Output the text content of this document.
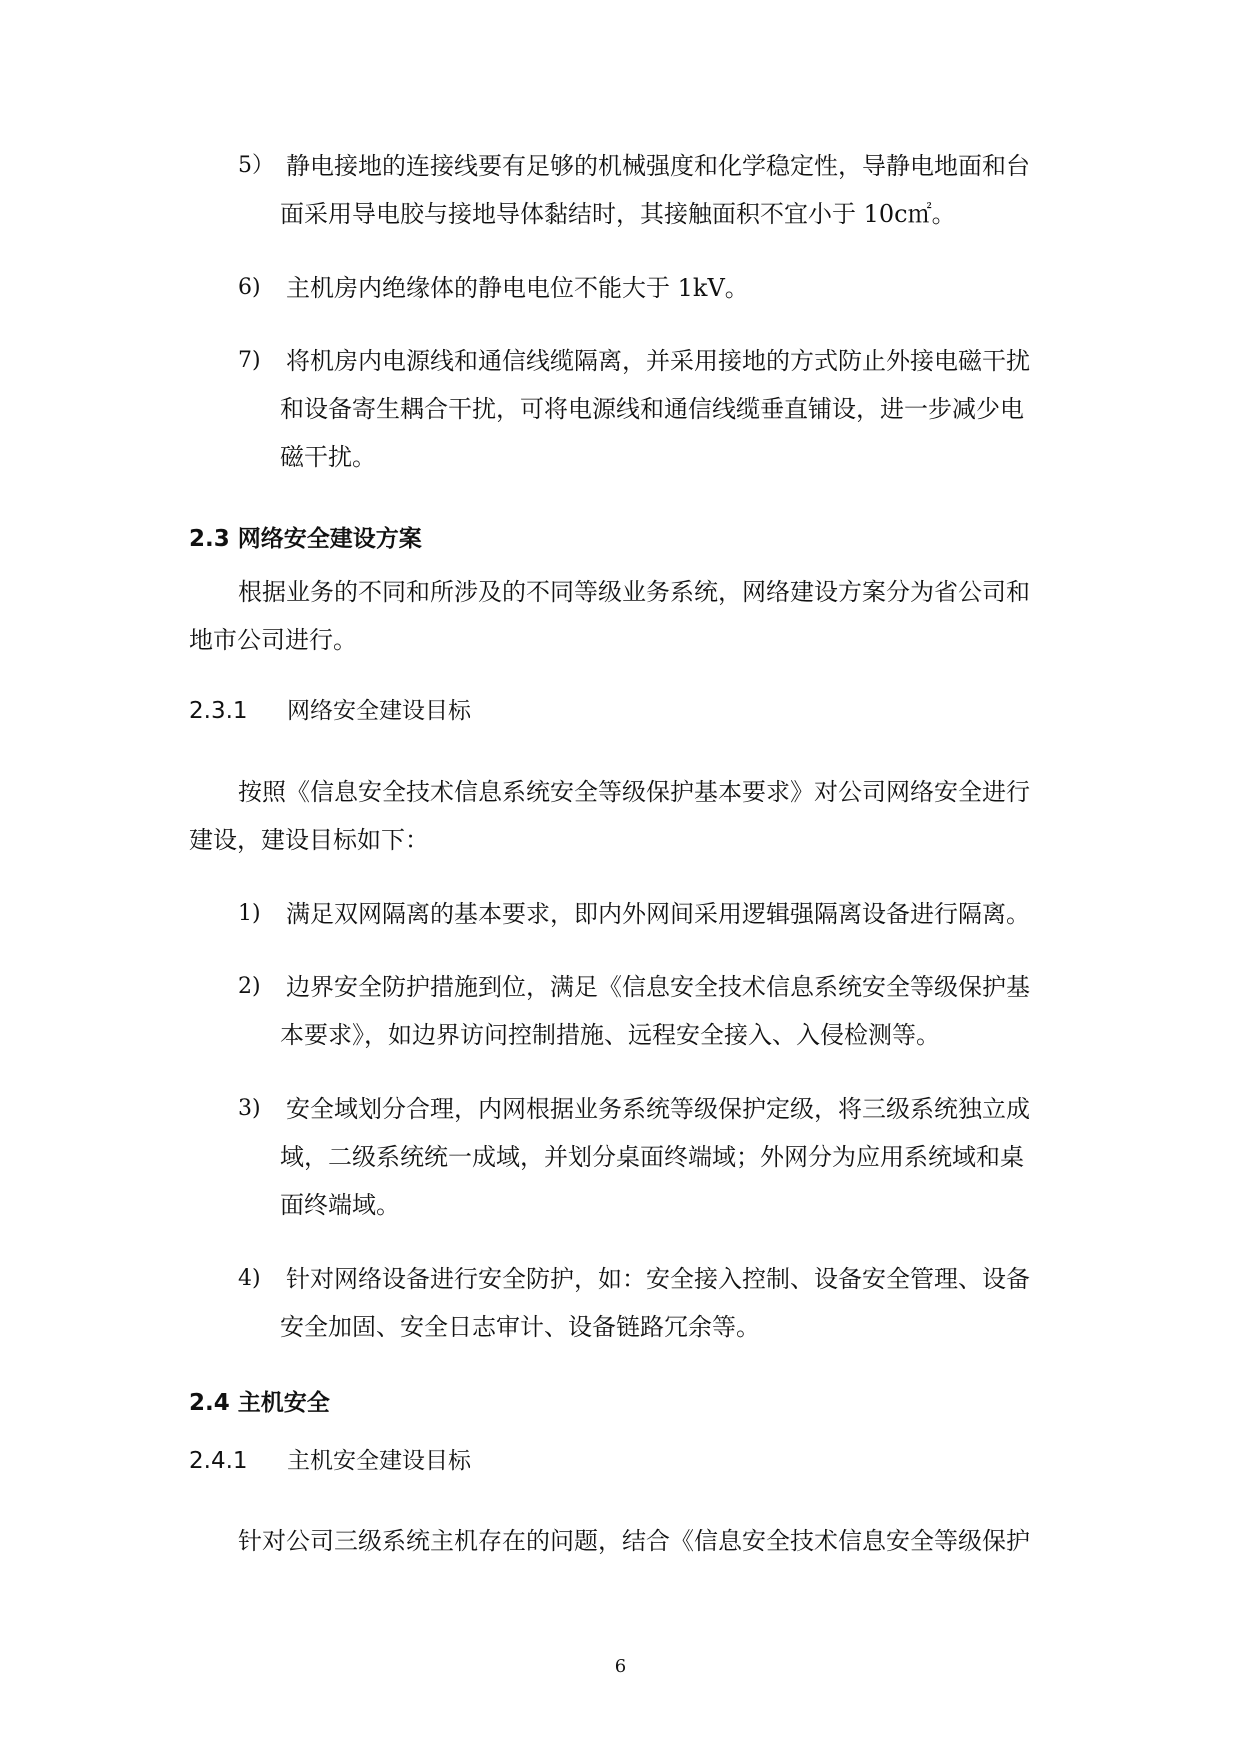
5） 静电接地的连接线要有足够的机械强度和化学稳定性，导静电地面和台
面采用导电胶与接地导体黏结时，其接触面积不宜小于 10c㎡。
6) 主机房内绝缘体的静电电位不能大于 1kV。
7) 将机房内电源线和通信线缆隔离，并采用接地的方式防止外接电磁干扰
和设备寄生耦合干扰，可将电源线和通信线缆垂直铺设，进一步减少电
磁干扰。
2.3 网络安全建设方案
根据业务的不同和所涉及的不同等级业务系统，网络建设方案分为省公司和
地市公司进行。
2.3.1 网络安全建设目标
按照《信息安全技术信息系统安全等级保护基本要求》对公司网络安全进行
建设，建设目标如下：
1) 满足双网隔离的基本要求，即内外网间采用逻辑强隔离设备进行隔离。
2) 边界安全防护措施到位，满足《信息安全技术信息系统安全等级保护基
本要求》，如边界访问控制措施、远程安全接入、入侵检测等。
3) 安全域划分合理，内网根据业务系统等级保护定级，将三级系统独立成
域，二级系统统一成域，并划分桌面终端域；外网分为应用系统域和桌
面终端域。
4) 针对网络设备进行安全防护，如：安全接入控制、设备安全管理、设备
安全加固、安全日志审计、设备链路冗余等。
2.4 主机安全
2.4.1 主机安全建设目标
针对公司三级系统主机存在的问题，结合《信息安全技术信息安全等级保护
6
